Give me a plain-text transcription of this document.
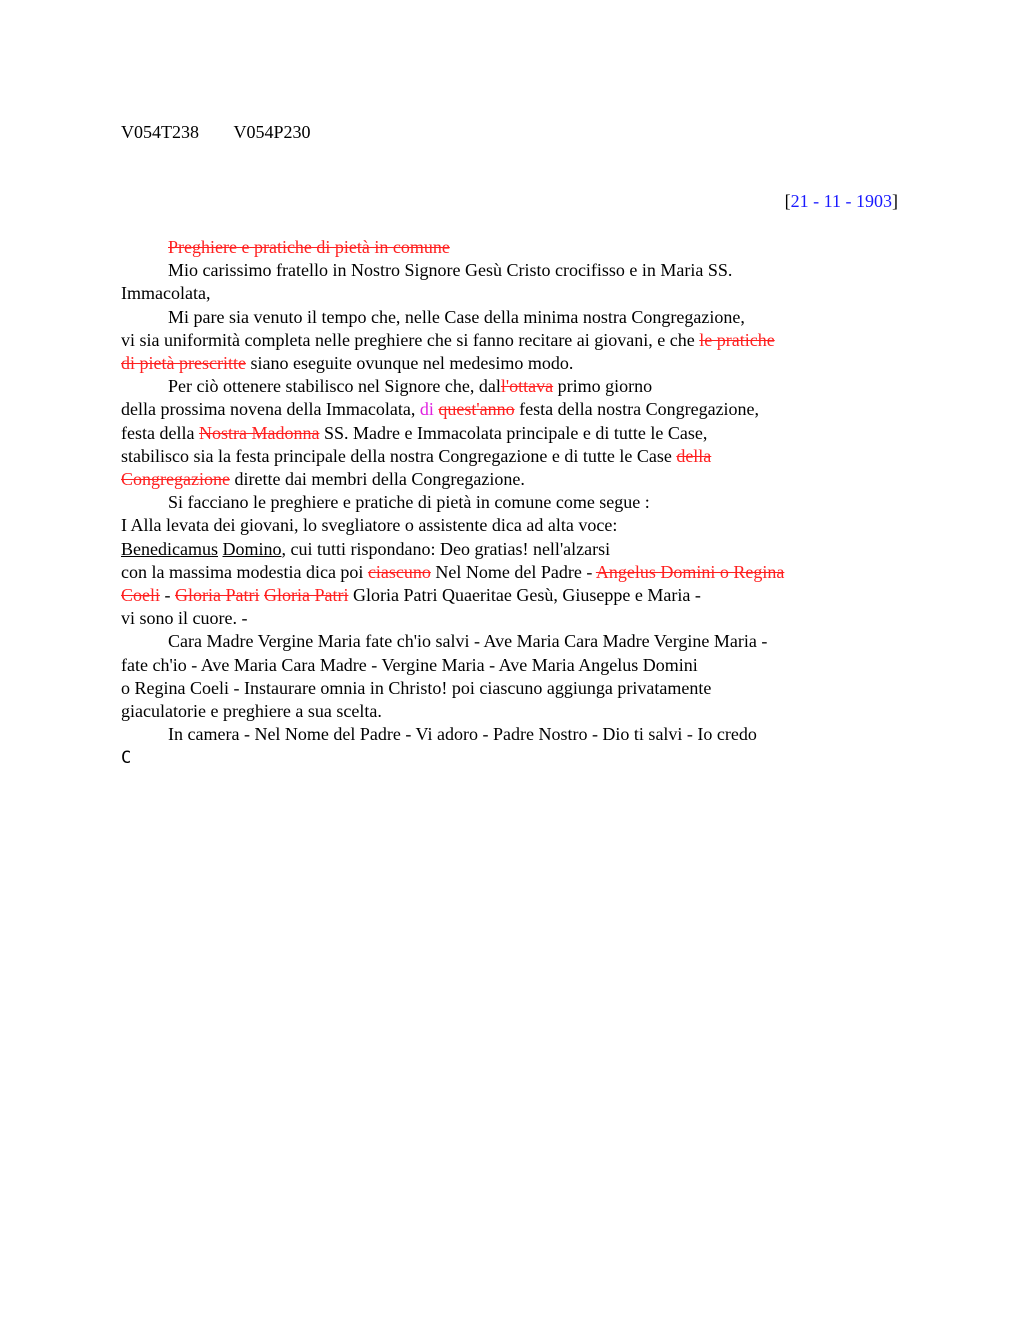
V054T238 V054P230
[21 - 11 - 1903]
Preghiere e pratiche di pietà in comune
Mio carissimo fratello in Nostro Signore Gesù Cristo crocifisso e in Maria SS.
Immacolata,
Mi pare sia venuto il tempo che, nelle Case della minima nostra Congregazione,
vi sia uniformità completa nelle preghiere che si fanno recitare ai giovani, e che le pratiche
di pietà prescritte siano eseguite ovunque nel medesimo modo.
Per ciò ottenere stabilisco nel Signore che, dall'ottava primo giorno
della prossima novena della Immacolata, di quest'anno festa della nostra Congregazione,
festa della Nostra Madonna SS. Madre e Immacolata principale e di tutte le Case,
stabilisco sia la festa principale della nostra Congregazione e di tutte le Case della
Congregazione dirette dai membri della Congregazione.
Si facciano le preghiere e pratiche di pietà in comune come segue :
I Alla levata dei giovani, lo svegliatore o assistente dica ad alta voce:
Benedicamus Domino, cui tutti rispondano: Deo gratias! nell'alzarsi
con la massima modestia dica poi ciascuno Nel Nome del Padre - Angelus Domini o Regina
Coeli - Gloria Patri Gloria Patri Gloria Patri Quaeritae Gesù, Giuseppe e Maria -
vi sono il cuore. -
Cara Madre Vergine Maria fate ch'io salvi - Ave Maria Cara Madre Vergine Maria -
fate ch'io - Ave Maria Cara Madre - Vergine Maria - Ave Maria Angelus Domini
o Regina Coeli - Instaurare omnia in Christo! poi ciascuno aggiunga privatamente
giaculatorie e preghiere a sua scelta.
In camera - Nel Nome del Padre - Vi adoro - Padre Nostro - Dio ti salvi - Io credo
C
